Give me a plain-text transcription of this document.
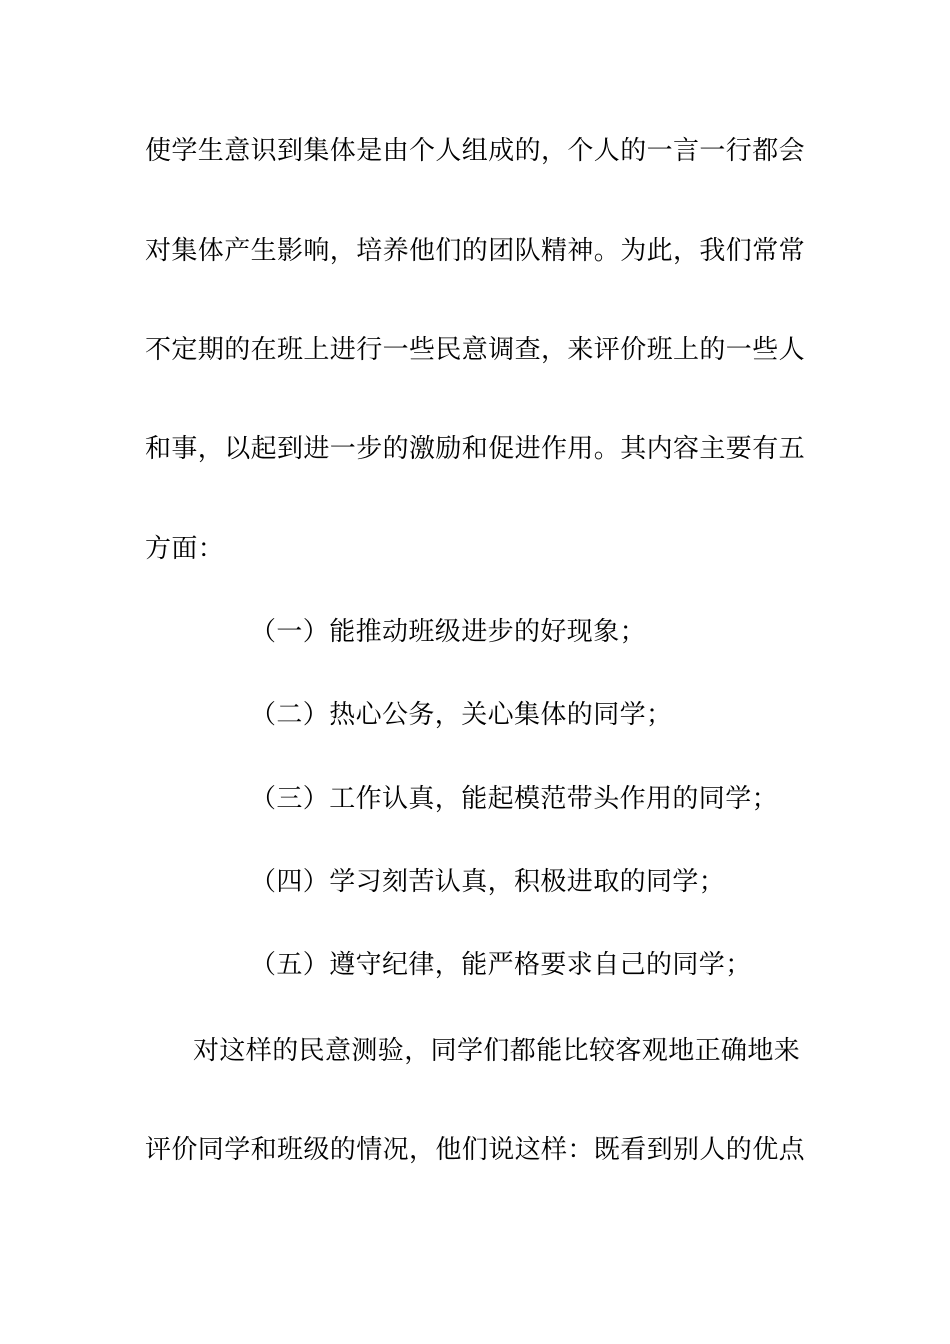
使学生意识到集体是由个人组成的，个人的一言一行都会
对集体产生影响，培养他们的团队精神。为此，我们常常
不定期的在班上进行一些民意调查，来评价班上的一些人
和事，以起到进一步的激励和促进作用。其内容主要有五
方面：
（一）能推动班级进步的好现象；
（二）热心公务，关心集体的同学；
（三）工作认真，能起模范带头作用的同学；
（四）学习刻苦认真，积极进取的同学；
（五）遵守纪律，能严格要求自己的同学；
对这样的民意测验，同学们都能比较客观地正确地来
评价同学和班级的情况，他们说这样：既看到别人的优点
